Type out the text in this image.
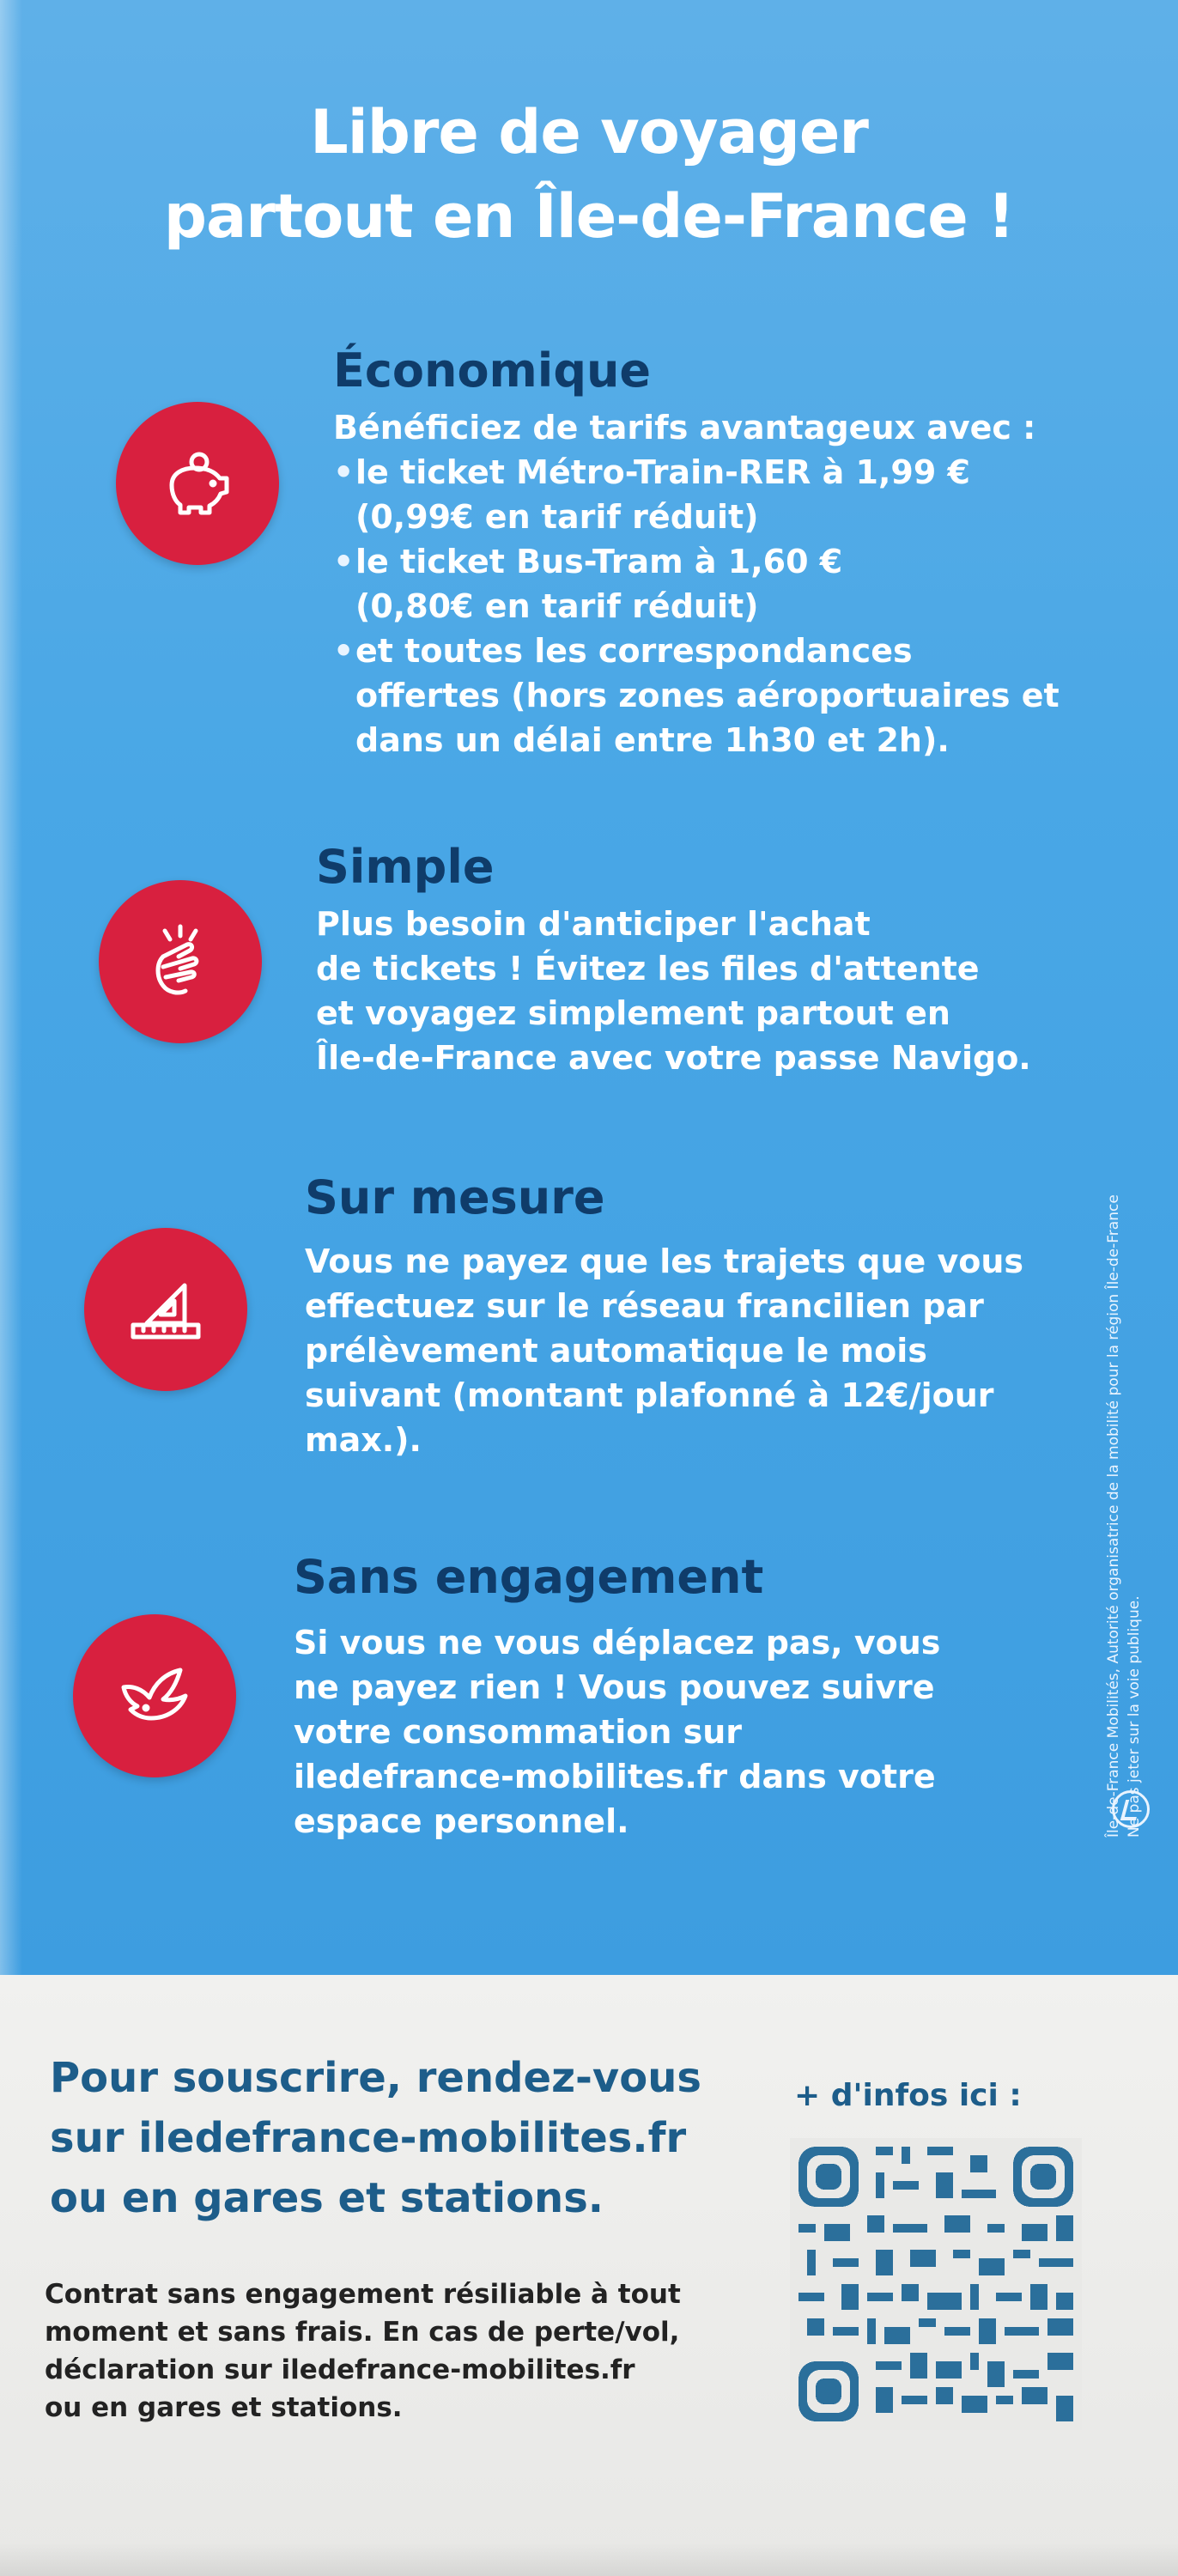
Libre de voyager
partout en Île-de-France !
Économique
Bénéficiez de tarifs avantageux avec :
• le ticket Métro-Train-RER à 1,99 €
(0,99€ en tarif réduit)
• le ticket Bus-Tram à 1,60 €
(0,80€ en tarif réduit)
• et toutes les correspondances
offertes (hors zones aéroportuaires et
dans un délai entre 1h30 et 2h).
Simple
Plus besoin d'anticiper l'achat
de tickets ! Évitez les files d'attente
et voyagez simplement partout en
Île-de-France avec votre passe Navigo.
Sur mesure
Vous ne payez que les trajets que vous
effectuez sur le réseau francilien par
prélèvement automatique le mois
suivant (montant plafonné à 12€/jour
max.).
Sans engagement
Si vous ne vous déplacez pas, vous
ne payez rien ! Vous pouvez suivre
votre consommation sur
iledefrance-mobilites.fr dans votre
espace personnel.	Île-de-France Mobilités, Autorité organisatrice de la mobilité pour la région Île-de-France Ne pas jeter sur la voie publique.
Pour souscrire, rendez-vous
sur iledefrance-mobilites.fr
ou en gares et stations.
+ d'infos ici :
Contrat sans engagement résiliable à tout
moment et sans frais. En cas de perte/vol,
déclaration sur iledefrance-mobilites.fr
ou en gares et stations.
